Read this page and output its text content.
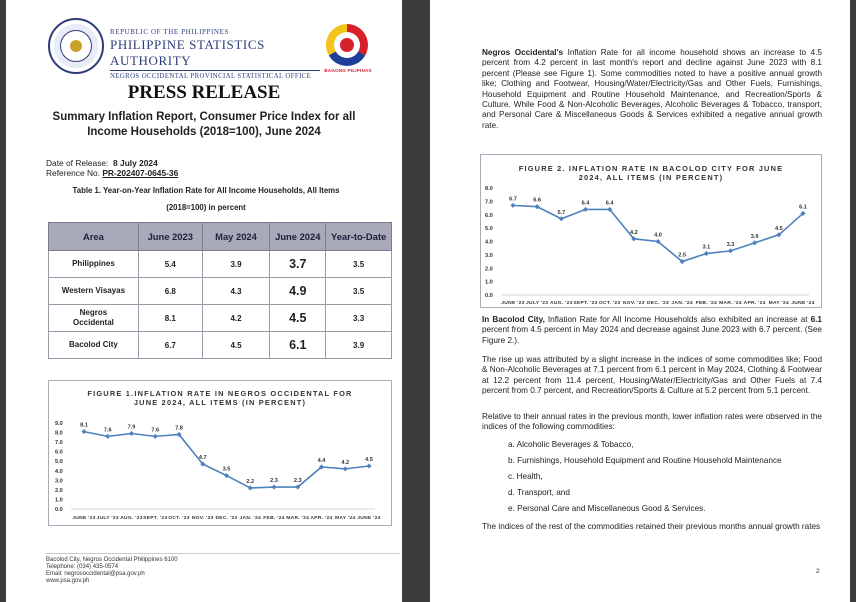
REPUBLIC OF THE PHILIPPINES
PHILIPPINE STATISTICS AUTHORITY
NEGROS OCCIDENTAL PROVINCIAL STATISTICAL OFFICE
BAGONG PILIPINAS
PRESS RELEASE
Summary Inflation Report, Consumer Price Index for all Income Households (2018=100), June 2024
Date of Release: 8 July 2024
Reference No. PR-202407-0645-36
Table 1. Year-on-Year Inflation Rate for All Income Households, All Items
(2018=100) in percent
Area	June 2023	May 2024	June 2024	Year-to-Date
Philippines	5.4	3.9	3.7	3.5
Western Visayas	6.8	4.3	4.9	3.5
Negros Occidental	8.1	4.2	4.5	3.3
Bacolod City	6.7	4.5	6.1	3.9
FIGURE 1.INFLATION RATE IN NEGROS OCCIDENTAL FOR
JUNE 2024, ALL ITEMS (IN PERCENT)
0.0
1.0
2.0
3.0
4.0
5.0
6.0
7.0
8.0
9.0	8.1
7.6	7.9	7.6	7.8
4.7
3.5
2.2	2.3	2.3
4.4	4.2	4.5
JUNE '23 JULY '23 AUG. '23 SEPT. '23 OCT. '23 NOV. '23 DEC. '23 JAN. '24 FEB. '24 MAR. '24 APR. '24 MAY '24 JUNE '24
Bacolod City, Negros Occidental Philippines 6100
Telephone: (034) 435-0574
Email: negrosoccidental@psa.gov.ph
www.psa.gov.ph
Negros Occidental's Inflation Rate for all income household shows an increase to 4.5 percent from 4.2 percent in last month's report and decline against June 2023 with 8.1 percent (Please see Figure 1). Some commodities noted to have a positive annual growth like; Clothing and Footwear, Housing/Water/Electricity/Gas and Other Fuels, Furnishings, Household Equipment and Routine Household Maintenance, and Recreation/Sports & Culture. While Food & Non-Alcoholic Beverages, Alcoholic Beverages & Tobacco, transport, and Personal Care & Miscellaneous Goods & Services exhibited a negative annual growth rate.
FIGURE 2. INFLATION RATE IN BACOLOD CITY FOR JUNE
2024, ALL ITEMS (IN PERCENT)
0.0
1.0
2.0
3.0
4.0
5.0
6.0
7.0
8.0
6.7	6.6
5.7
6.4	6.4
4.2	4.0
2.5
3.1	3.3
3.9
4.5
6.1
JUNE '23 JULY '23 AUG. '23 SEPT. '23 OCT. '23 NOV. '23 DEC. '23 JAN. '24 FEB. '24 MAR. '24 APR. '24 MAY '24 JUNE '24
In Bacolod City, Inflation Rate for All Income Households also exhibited an increase at 6.1 percent from 4.5 percent in May 2024 and decrease against June 2023 with 6.7 percent. (See Figure 2.).
The rise up was attributed by a slight increase in the indices of some commodities like; Food & Non-Alcoholic Beverages at 7.1 percent from 6.1 percent in May 2024, Clothing & Footwear at 12.2 percent from 11.4 percent, Housing/Water/Electricity/Gas and Other Fuels at 7.4 percent from 0.7 percent, and Recreation/Sports & Culture at 5.2 percent from 5.1 percent.
Relative to their annual rates in the previous month, lower inflation rates were observed in the indices of the following commodities:
a. Alcoholic Beverages & Tobacco,
b. Furnishings, Household Equipment and Routine Household Maintenance
c. Health,
d. Transport, and
e. Personal Care and Miscellaneous Good & Services.
The indices of the rest of the commodities retained their previous months annual growth rates
2
